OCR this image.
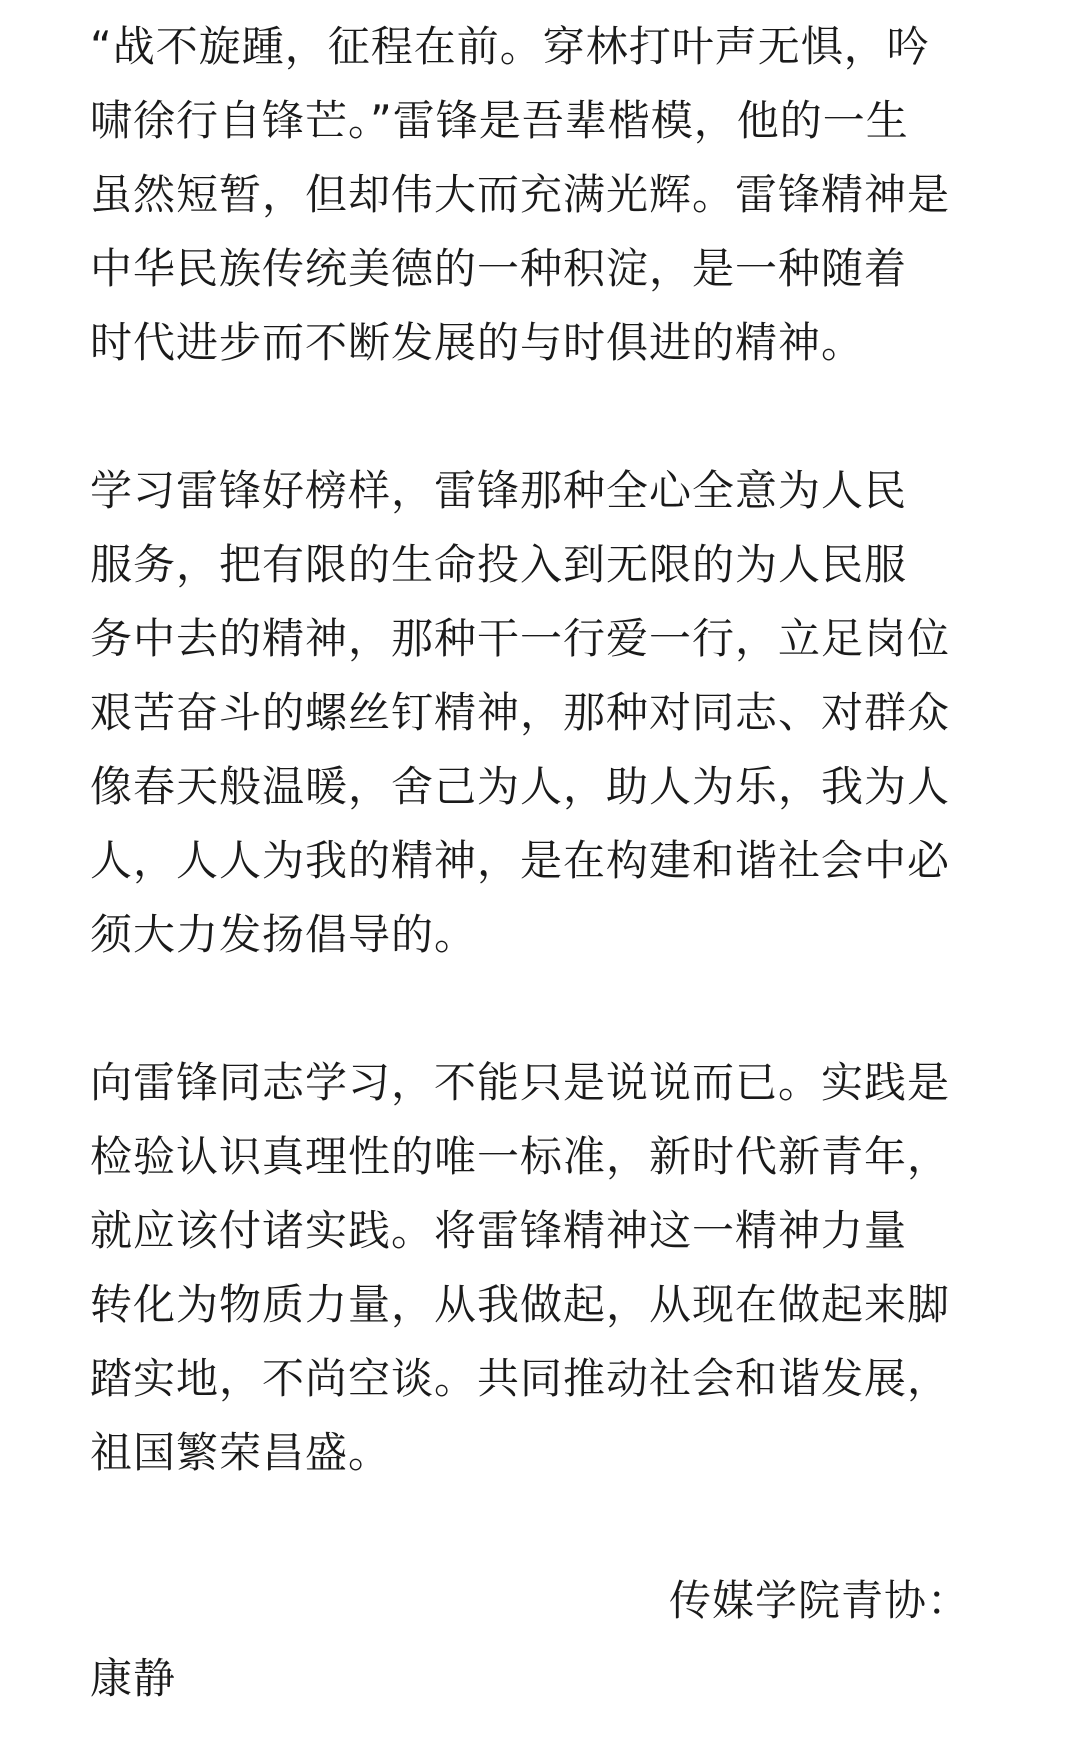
“战不旋踵，征程在前。穿林打叶声无惧，吟
啸徐行自锋芒。”雷锋是吾辈楷模，他的一生
虽然短暂，但却伟大而充满光辉。雷锋精神是
中华民族传统美德的一种积淀，是一种随着
时代进步而不断发展的与时俱进的精神。
学习雷锋好榜样，雷锋那种全心全意为人民
服务，把有限的生命投入到无限的为人民服
务中去的精神，那种干一行爱一行，立足岗位
艰苦奋斗的螺丝钉精神，那种对同志、对群众
像春天般温暖，舍己为人，助人为乐，我为人
人，人人为我的精神，是在构建和谐社会中必
须大力发扬倡导的。
向雷锋同志学习，不能只是说说而已。实践是
检验认识真理性的唯一标准，新时代新青年，
就应该付诸实践。将雷锋精神这一精神力量
转化为物质力量，从我做起，从现在做起来脚
踏实地，不尚空谈。共同推动社会和谐发展，
祖国繁荣昌盛。
传媒学院青协：
康静
